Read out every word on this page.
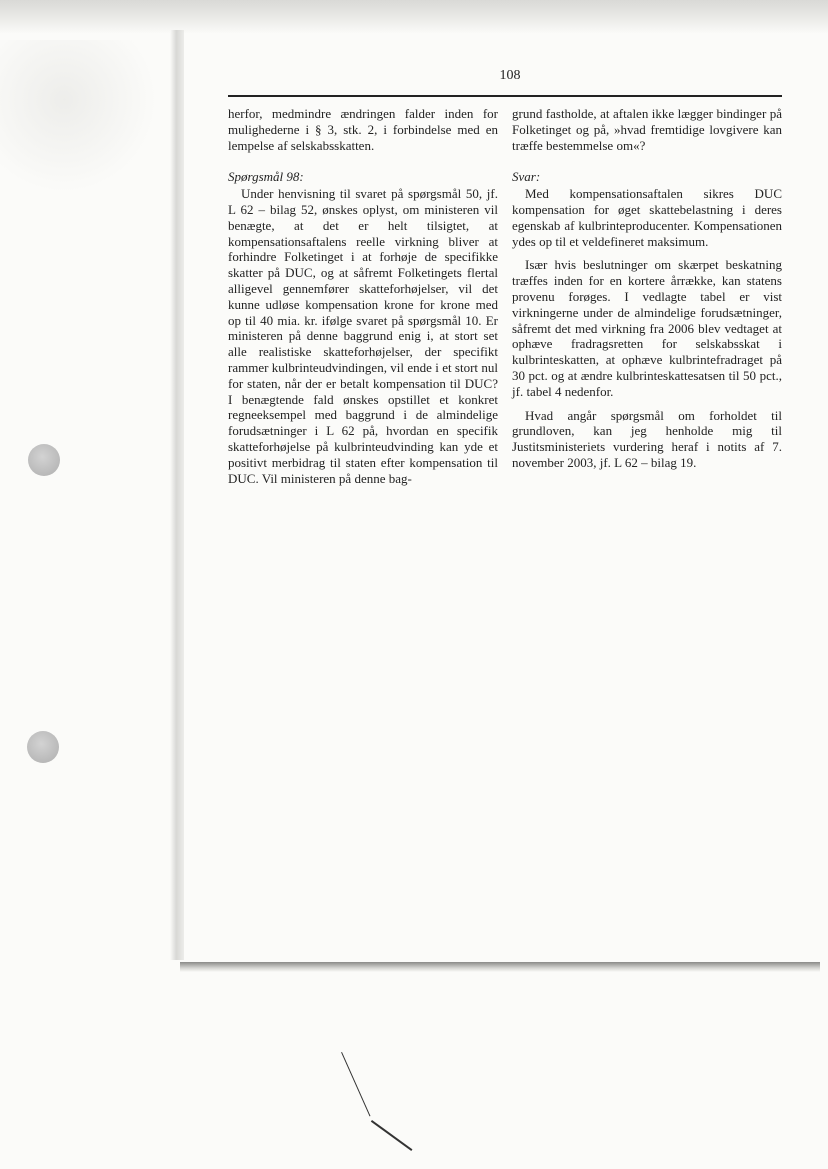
108

herfor, medmindre ændringen falder inden for mulighederne i § 3, stk. 2, i forbindelse med en lempelse af selskabsskatten.

Spørgsmål 98:

Under henvisning til svaret på spørgsmål 50, jf. L 62 – bilag 52, ønskes oplyst, om ministeren vil benægte, at det er helt tilsigtet, at kompensationsaftalens reelle virkning bliver at forhindre Folketinget i at forhøje de specifikke skatter på DUC, og at såfremt Folketingets flertal alligevel gennemfører skatteforhøjelser, vil det kunne udløse kompensation krone for krone med op til 40 mia. kr. ifølge svaret på spørgsmål 10. Er ministeren på denne baggrund enig i, at stort set alle realistiske skatteforhøjelser, der specifikt rammer kulbrinteudvindingen, vil ende i et stort nul for staten, når der er betalt kompensation til DUC? I benægtende fald ønskes opstillet et konkret regneeksempel med baggrund i de almindelige forudsætninger i L 62 på, hvordan en specifik skatteforhøjelse på kulbrinteudvinding kan yde et positivt merbidrag til staten efter kompensation til DUC. Vil ministeren på denne bag-

grund fastholde, at aftalen ikke lægger bindinger på Folketinget og på, »hvad fremtidige lovgivere kan træffe bestemmelse om«?

Svar:

Med kompensationsaftalen sikres DUC kompensation for øget skattebelastning i deres egenskab af kulbrinteproducenter. Kompensationen ydes op til et veldefineret maksimum.

Især hvis beslutninger om skærpet beskatning træffes inden for en kortere årrække, kan statens provenu forøges. I vedlagte tabel er vist virkningerne under de almindelige forudsætninger, såfremt det med virkning fra 2006 blev vedtaget at ophæve fradragsretten for selskabsskat i kulbrinteskatten, at ophæve kulbrintefradraget på 30 pct. og at ændre kulbrinteskattesatsen til 50 pct., jf. tabel 4 nedenfor.

Hvad angår spørgsmål om forholdet til grundloven, kan jeg henholde mig til Justitsministeriets vurdering heraf i notits af 7. november 2003, jf. L 62 – bilag 19.
